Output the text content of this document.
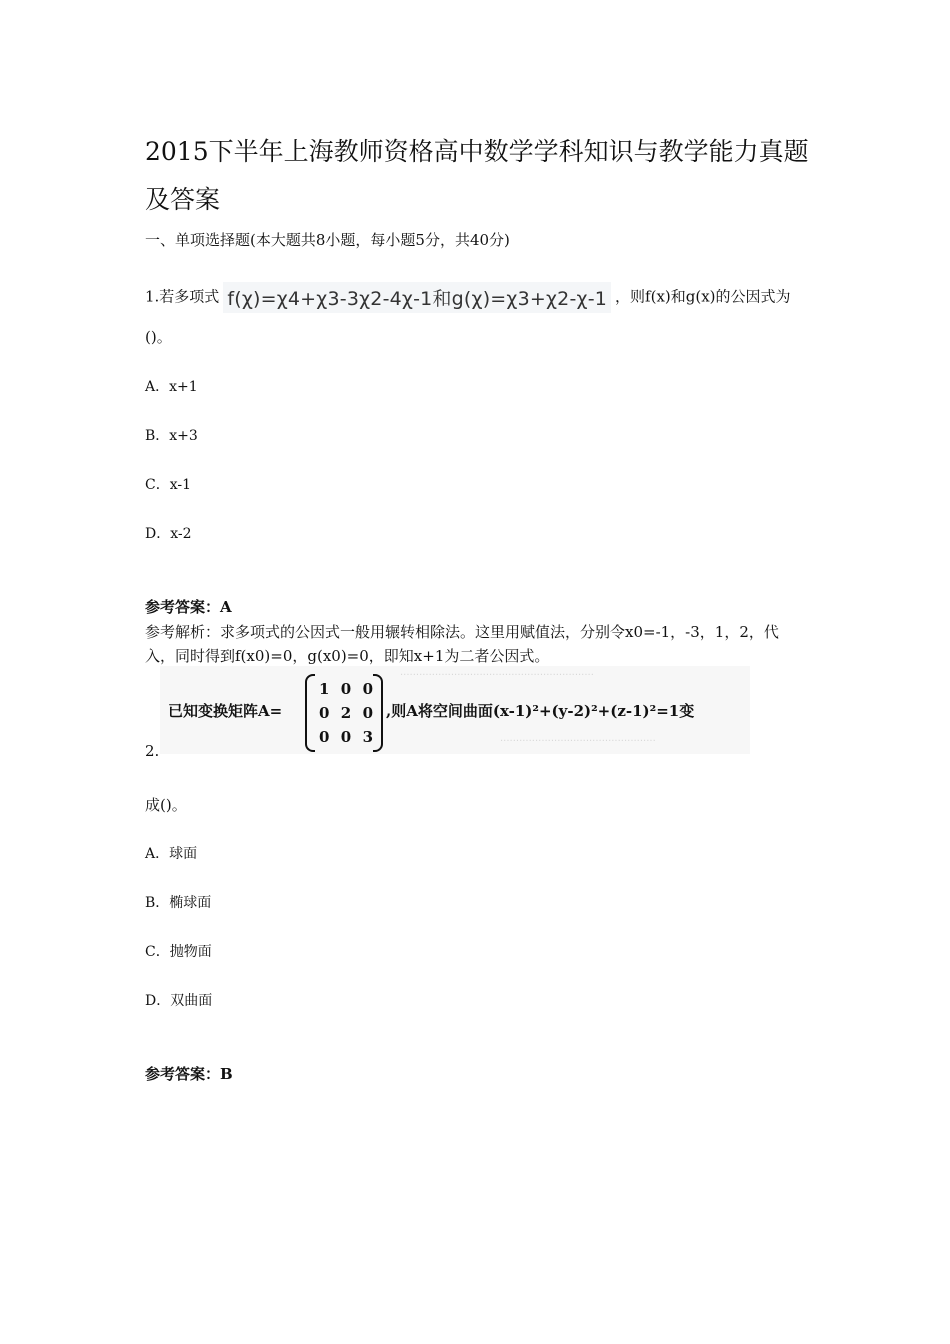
2015下半年上海教师资格高中数学学科知识与教学能力真题及答案
一、单项选择题(本大题共8小题，每小题5分，共40分)
1.若多项式 f(χ)=χ4+χ3-3χ2-4χ-1和g(χ)=χ3+χ2-χ-1 ，则f(x)和g(x)的公因式为
()。
A．x+1
B．x+3
C．x-1
D．x-2
参考答案：A
参考解析：求多项式的公因式一般用辗转相除法。这里用赋值法，分别令x0=-1，-3，1，2，代
入，同时得到f(x0)=0，g(x0)=0，即知x+1为二者公因式。
2.
·····························································
·················································
已知变换矩阵A=
1 0 0
0 2 0
0 0 3
,则A将空间曲面(x-1)²+(y-2)²+(z-1)²=1变
成()。
A．球面
B．椭球面
C．抛物面
D．双曲面
参考答案：B
